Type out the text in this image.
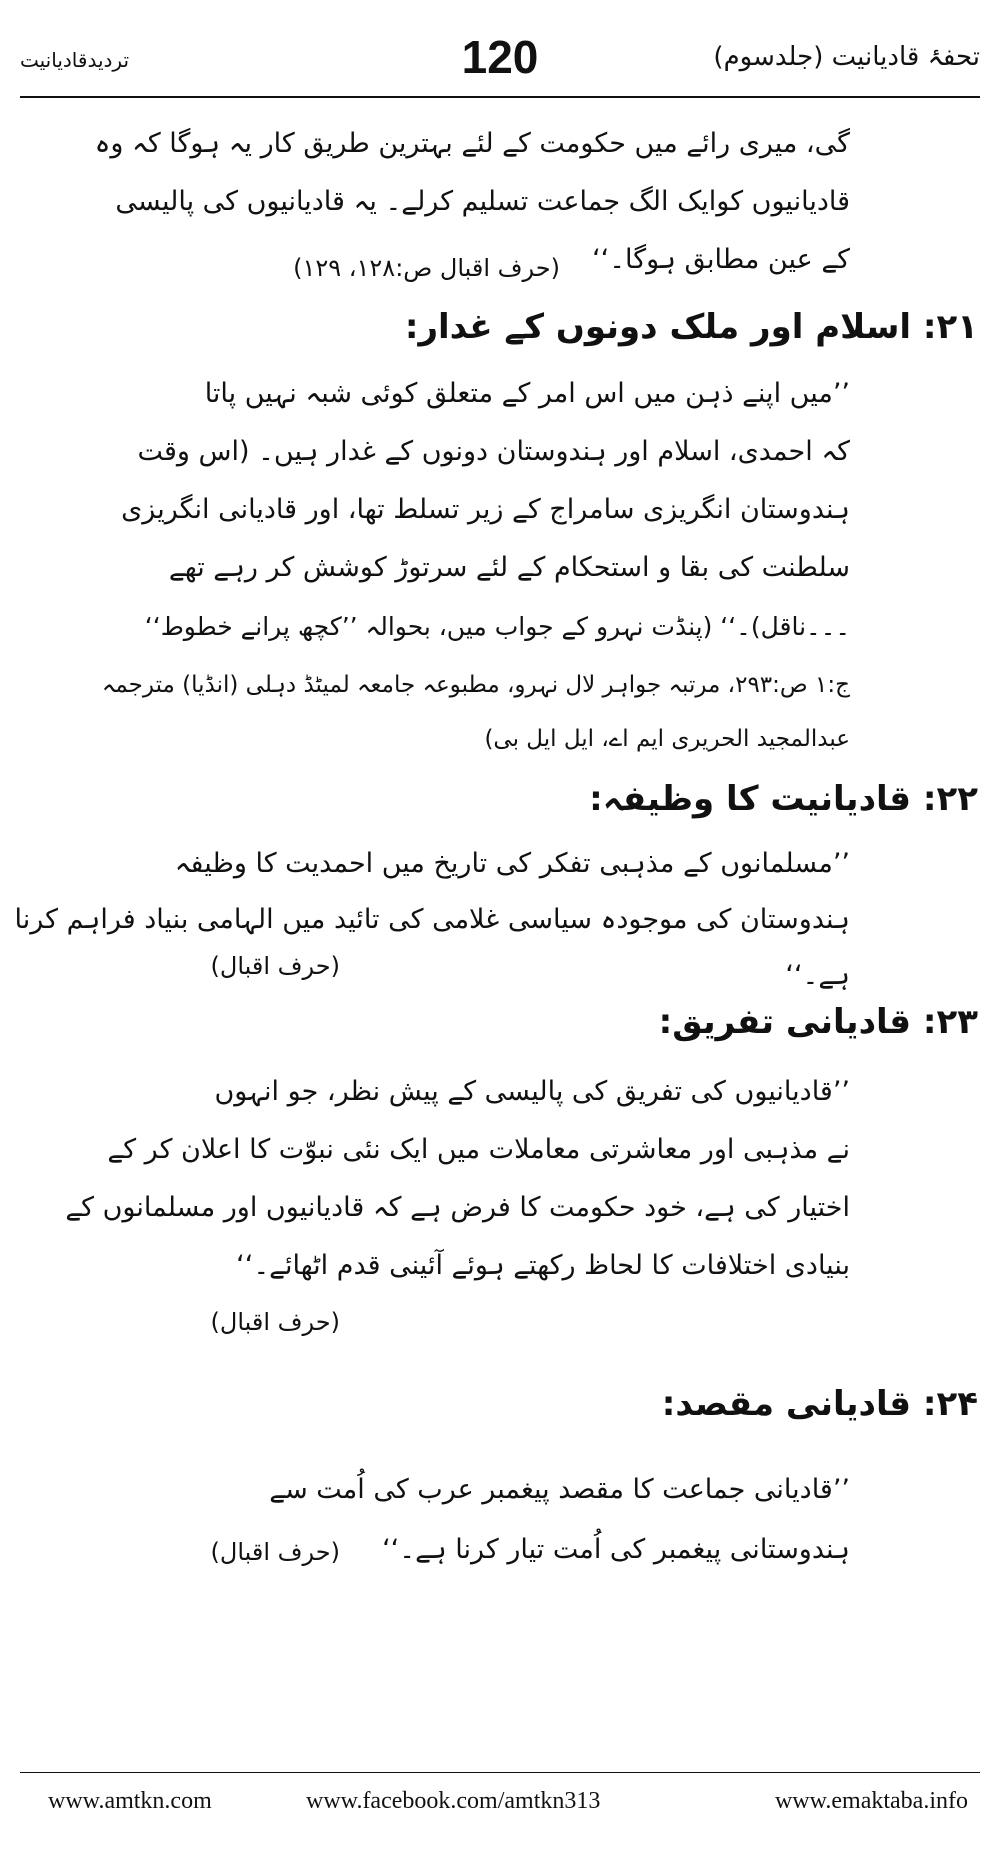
تردیدقادیانیت	120	تحفۂ قادیانیت (جلدسوم)
گی، میری رائے میں حکومت کے لئے بہترین طریق کار یہ ہوگا کہ وہ
قادیانیوں کوایک الگ جماعت تسلیم کرلے۔ یہ قادیانیوں کی پالیسی
کے عین مطابق ہوگا۔‘‘
(حرف اقبال ص:۱۲۸، ۱۲۹)
۲۱: اسلام اور ملک دونوں کے غدار:
’’میں اپنے ذہن میں اس امر کے متعلق کوئی شبہ نہیں پاتا
کہ احمدی، اسلام اور ہندوستان دونوں کے غدار ہیں۔ (اس وقت
ہندوستان انگریزی سامراج کے زیر تسلط تھا، اور قادیانی انگریزی
سلطنت کی بقا و استحکام کے لئے سرتوڑ کوشش کر رہے تھے
۔۔۔ناقل)۔‘‘ (پنڈت نہرو کے جواب میں، بحوالہ ’’کچھ پرانے خطوط‘‘
ج:۱ ص:۲۹۳، مرتبہ جواہر لال نہرو، مطبوعہ جامعہ لمیٹڈ دہلی (انڈیا) مترجمہ
عبدالمجید الحریری ایم اے، ایل ایل بی)
۲۲: قادیانیت کا وظیفہ:
’’مسلمانوں کے مذہبی تفکر کی تاریخ میں احمدیت کا وظیفہ
ہندوستان کی موجودہ سیاسی غلامی کی تائید میں الہامی بنیاد فراہم کرنا
ہے۔‘‘
(حرف اقبال)
۲۳: قادیانی تفریق:
’’قادیانیوں کی تفریق کی پالیسی کے پیش نظر، جو انہوں
نے مذہبی اور معاشرتی معاملات میں ایک نئی نبوّت کا اعلان کر کے
اختیار کی ہے، خود حکومت کا فرض ہے کہ قادیانیوں اور مسلمانوں کے
بنیادی اختلافات کا لحاظ رکھتے ہوئے آئینی قدم اٹھائے۔‘‘
(حرف اقبال)
۲۴: قادیانی مقصد:
’’قادیانی جماعت کا مقصد پیغمبر عرب کی اُمت سے
ہندوستانی پیغمبر کی اُمت تیار کرنا ہے۔‘‘
(حرف اقبال)
www.amtkn.com	www.facebook.com/amtkn313	www.emaktaba.info
